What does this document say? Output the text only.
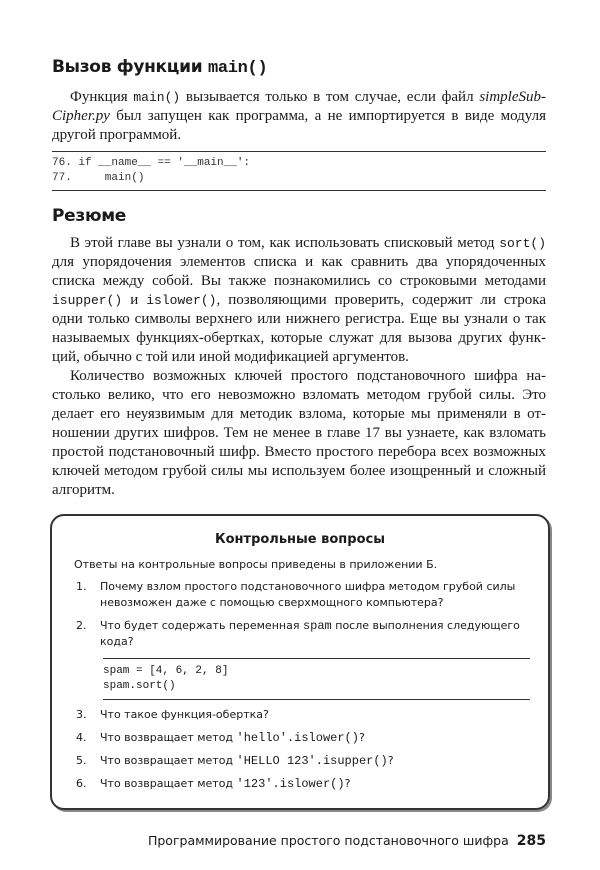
Вызов функции main()
Функция main() вызывается только в том случае, если файл simpleSubCipher.py был запущен как программа, а не импортируется в виде модуля другой программой.
76. if __name__ == '__main__':
77.     main()
Резюме
В этой главе вы узнали о том, как использовать списковый метод sort() для упорядочения элементов списка и как сравнить два упорядоченных списка между собой. Вы также познакомились со строковыми методами isupper() и islower(), позволяющими проверить, содержит ли строка одни только символы верхнего или нижнего регистра. Еще вы узнали о так называемых функциях-обертках, которые служат для вызова других функций, обычно с той или иной модификацией аргументов.
Количество возможных ключей простого подстановочного шифра настолько велико, что его невозможно взломать методом грубой силы. Это делает его неуязвимым для методик взлома, которые мы применяли в отношении других шифров. Тем не менее в главе 17 вы узнаете, как взломать простой подстановочный шифр. Вместо простого перебора всех возможных ключей методом грубой силы мы используем более изощренный и сложный алгоритм.
Контрольные вопросы
Ответы на контрольные вопросы приведены в приложении Б.
1. Почему взлом простого подстановочного шифра методом грубой силы невозможен даже с помощью сверхмощного компьютера?
2. Что будет содержать переменная spam после выполнения следующего кода?
spam = [4, 6, 2, 8]
spam.sort()
3. Что такое функция-обертка?
4. Что возвращает метод 'hello'.islower()?
5. Что возвращает метод 'HELLO 123'.isupper()?
6. Что возвращает метод '123'.islower()?
Программирование простого подстановочного шифра 285
